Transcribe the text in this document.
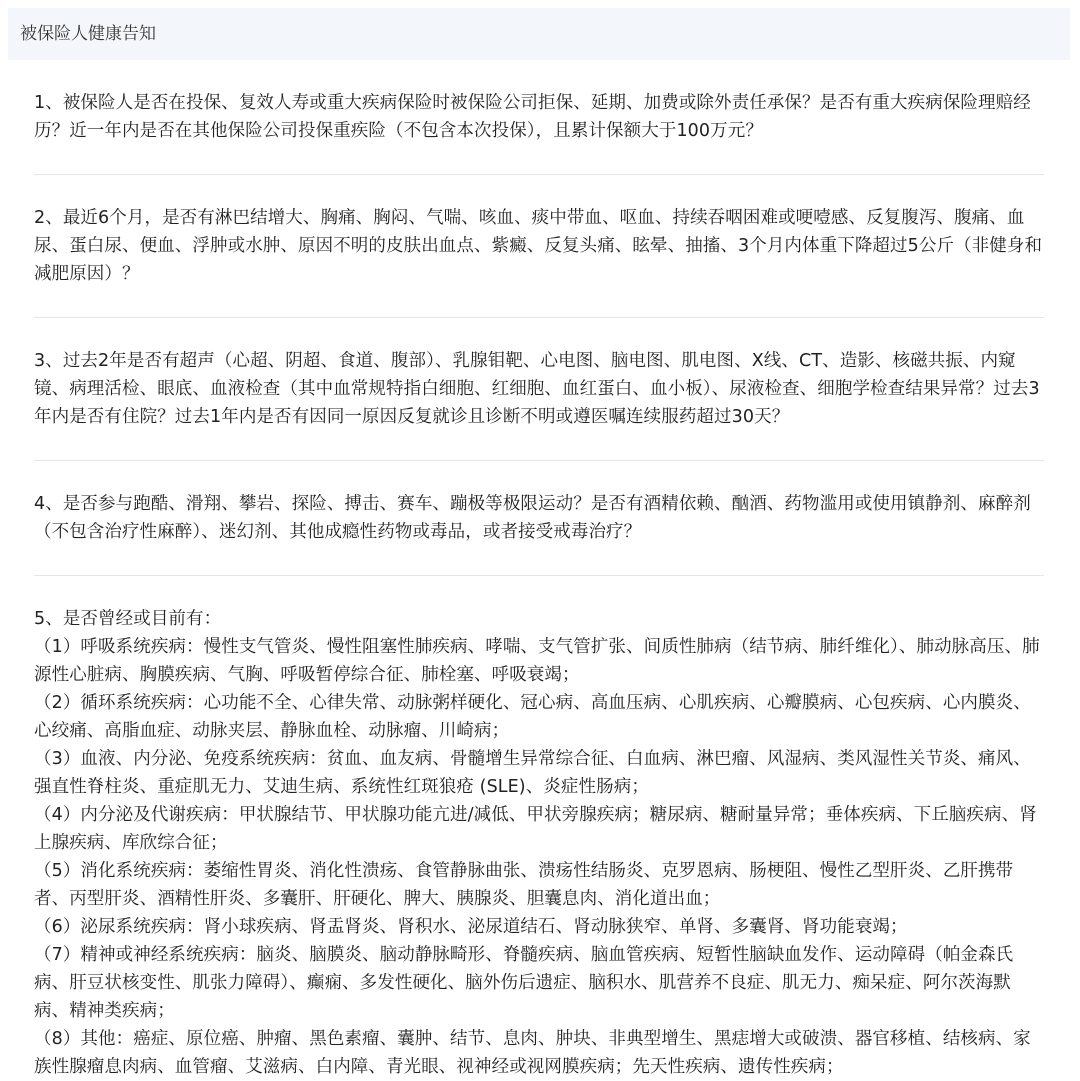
被保险人健康告知

1、被保险人是否在投保、复效人寿或重大疾病保险时被保险公司拒保、延期、加费或除外责任承保？是否有重大疾病保险理赔经历？近一年内是否在其他保险公司投保重疾险（不包含本次投保），且累计保额大于100万元？

2、最近6个月，是否有淋巴结增大、胸痛、胸闷、气喘、咳血、痰中带血、呕血、持续吞咽困难或哽噎感、反复腹泻、腹痛、血尿、蛋白尿、便血、浮肿或水肿、原因不明的皮肤出血点、紫癜、反复头痛、眩晕、抽搐、3个月内体重下降超过5公斤（非健身和减肥原因）？

3、过去2年是否有超声（心超、阴超、食道、腹部）、乳腺钼靶、心电图、脑电图、肌电图、X线、CT、造影、核磁共振、内窥镜、病理活检、眼底、血液检查（其中血常规特指白细胞、红细胞、血红蛋白、血小板）、尿液检查、细胞学检查结果异常？过去3年内是否有住院？过去1年内是否有因同一原因反复就诊且诊断不明或遵医嘱连续服药超过30天？

4、是否参与跑酷、滑翔、攀岩、探险、搏击、赛车、蹦极等极限运动？是否有酒精依赖、酗酒、药物滥用或使用镇静剂、麻醉剂（不包含治疗性麻醉）、迷幻剂、其他成瘾性药物或毒品，或者接受戒毒治疗？

5、是否曾经或目前有：

（1）呼吸系统疾病：慢性支气管炎、慢性阻塞性肺疾病、哮喘、支气管扩张、间质性肺病（结节病、肺纤维化）、肺动脉高压、肺源性心脏病、胸膜疾病、气胸、呼吸暂停综合征、肺栓塞、呼吸衰竭；

（2）循环系统疾病：心功能不全、心律失常、动脉粥样硬化、冠心病、高血压病、心肌疾病、心瓣膜病、心包疾病、心内膜炎、心绞痛、高脂血症、动脉夹层、静脉血栓、动脉瘤、川崎病；

（3）血液、内分泌、免疫系统疾病：贫血、血友病、骨髓增生异常综合征、白血病、淋巴瘤、风湿病、类风湿性关节炎、痛风、强直性脊柱炎、重症肌无力、艾迪生病、系统性红斑狼疮 (SLE)、炎症性肠病；

（4）内分泌及代谢疾病：甲状腺结节、甲状腺功能亢进/减低、甲状旁腺疾病；糖尿病、糖耐量异常；垂体疾病、下丘脑疾病、肾上腺疾病、库欣综合征；

（5）消化系统疾病：萎缩性胃炎、消化性溃疡、食管静脉曲张、溃疡性结肠炎、克罗恩病、肠梗阻、慢性乙型肝炎、乙肝携带者、丙型肝炎、酒精性肝炎、多囊肝、肝硬化、脾大、胰腺炎、胆囊息肉、消化道出血；

（6）泌尿系统疾病：肾小球疾病、肾盂肾炎、肾积水、泌尿道结石、肾动脉狭窄、单肾、多囊肾、肾功能衰竭；

（7）精神或神经系统疾病：脑炎、脑膜炎、脑动静脉畸形、脊髓疾病、脑血管疾病、短暂性脑缺血发作、运动障碍（帕金森氏病、肝豆状核变性、肌张力障碍）、癫痫、多发性硬化、脑外伤后遗症、脑积水、肌营养不良症、肌无力、痴呆症、阿尔茨海默病、精神类疾病；

（8）其他：癌症、原位癌、肿瘤、黑色素瘤、囊肿、结节、息肉、肿块、非典型增生、黑痣增大或破溃、器官移植、结核病、家族性腺瘤息肉病、血管瘤、艾滋病、白内障、青光眼、视神经或视网膜疾病；先天性疾病、遗传性疾病；
